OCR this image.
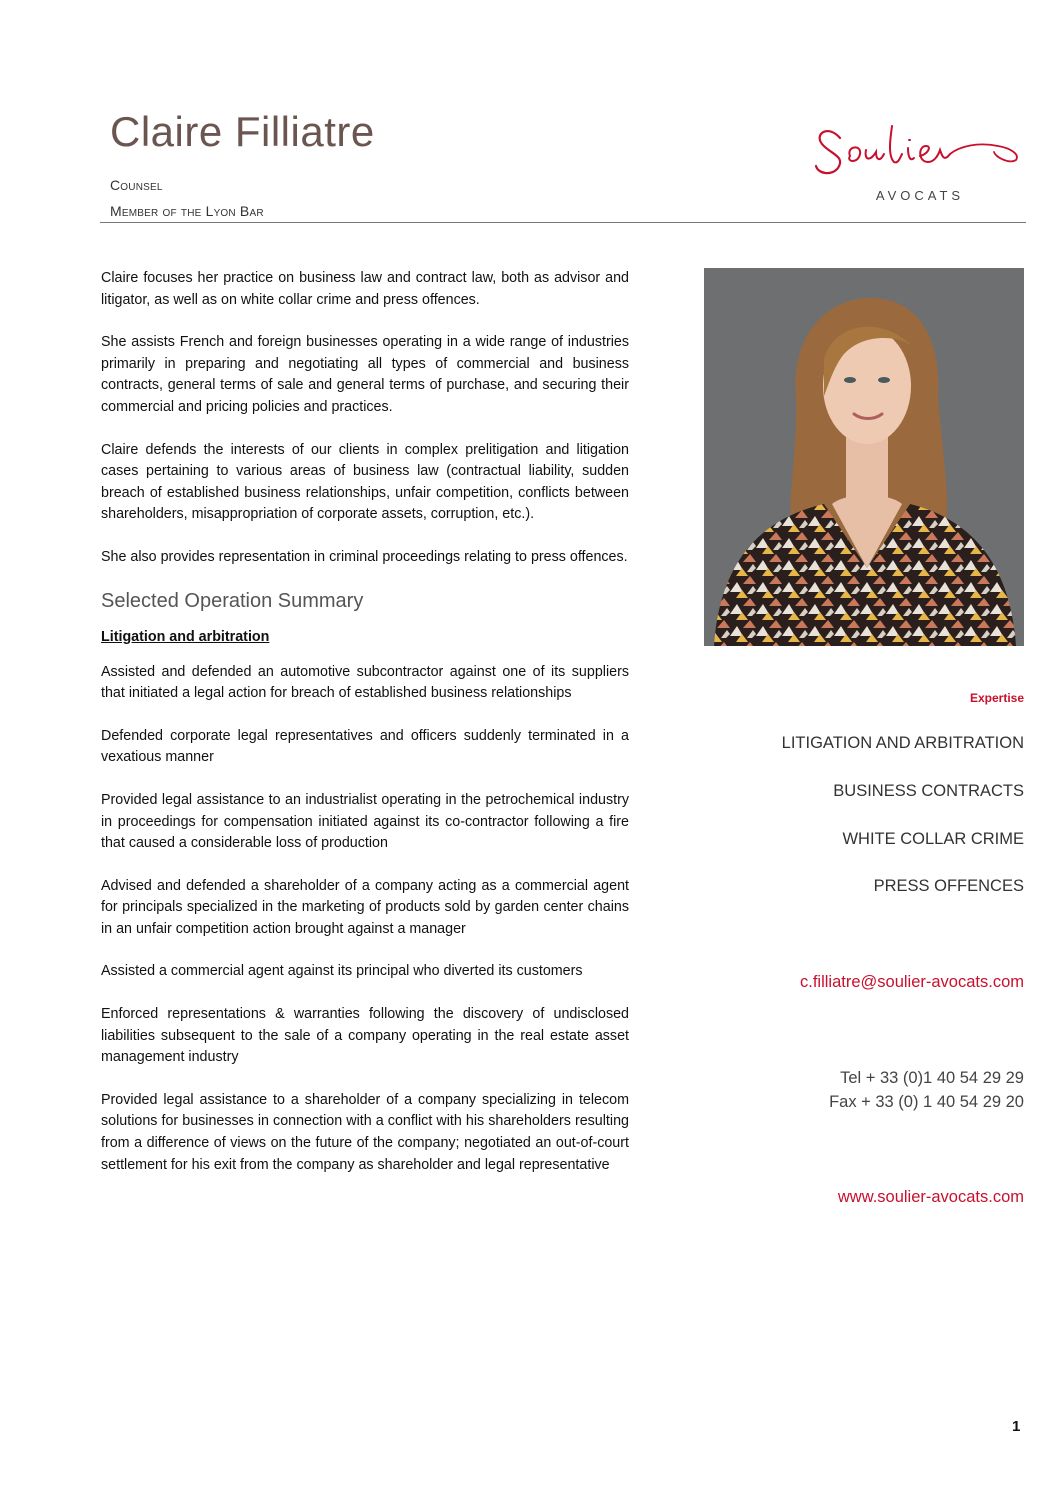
Claire Filliatre
Counsel
Member of the Lyon Bar
AVOCATS

Claire focuses her practice on business law and contract law, both as advisor and litigator, as well as on white collar crime and press offences.

She assists French and foreign businesses operating in a wide range of industries primarily in preparing and negotiating all types of commercial and business contracts, general terms of sale and general terms of purchase, and securing their commercial and pricing policies and practices.

Claire defends the interests of our clients in complex prelitigation and litigation cases pertaining to various areas of business law (contractual liability, sudden breach of established business relationships, unfair competition, conflicts between shareholders, misappropriation of corporate assets, corruption, etc.).

She also provides representation in criminal proceedings relating to press offences.

Selected Operation Summary
Litigation and arbitration

Assisted and defended an automotive subcontractor against one of its suppliers that initiated a legal action for breach of established business relationships

Defended corporate legal representatives and officers suddenly terminated in a vexatious manner

Provided legal assistance to an industrialist operating in the petrochemical industry in proceedings for compensation initiated against its co-contractor following a fire that caused a considerable loss of production

Advised and defended a shareholder of a company acting as a commercial agent for principals specialized in the marketing of products sold by garden center chains in an unfair competition action brought against a manager

Assisted a commercial agent against its principal who diverted its customers

Enforced representations & warranties following the discovery of undisclosed liabilities subsequent to the sale of a company operating in the real estate asset management industry

Provided legal assistance to a shareholder of a company specializing in telecom solutions for businesses in connection with a conflict with his shareholders resulting from a difference of views on the future of the company; negotiated an out-of-court settlement for his exit from the company as shareholder and legal representative

Expertise
LITIGATION AND ARBITRATION
BUSINESS CONTRACTS
WHITE COLLAR CRIME
PRESS OFFENCES
c.filliatre@soulier-avocats.com
Tel + 33 (0)1 40 54 29 29
Fax + 33 (0) 1 40 54 29 20
www.soulier-avocats.com
1
